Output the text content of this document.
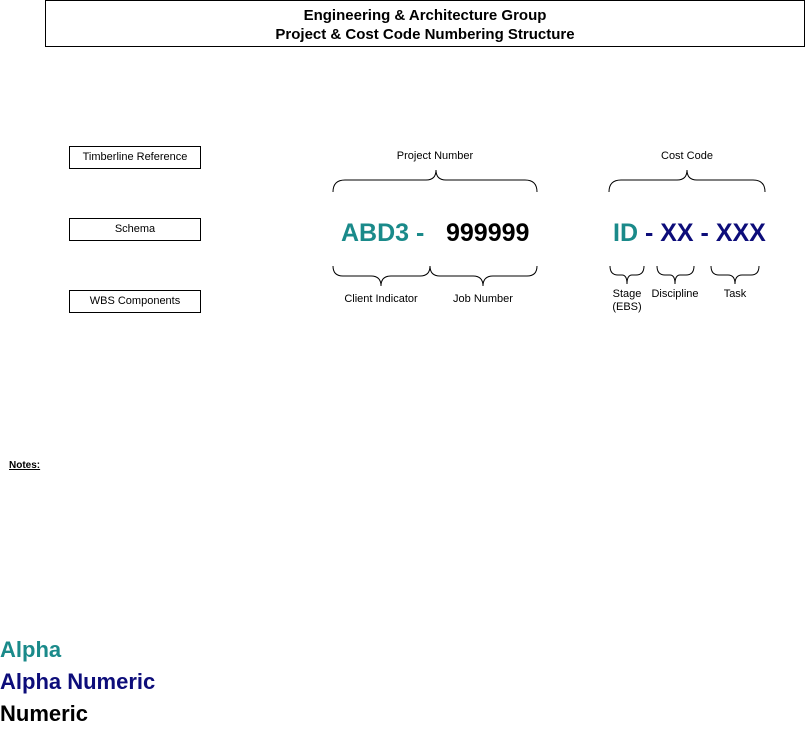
Engineering & Architecture Group
Project & Cost Code Numbering Structure
Timberline Reference
Schema
WBS Components
Project Number
ABD3 - 999999
Client Indicator	Job Number
Cost Code
ID - XX - XXX
Stage
(EBS)
Discipline	Task
Notes:
Alpha
Alpha Numeric
Numeric
